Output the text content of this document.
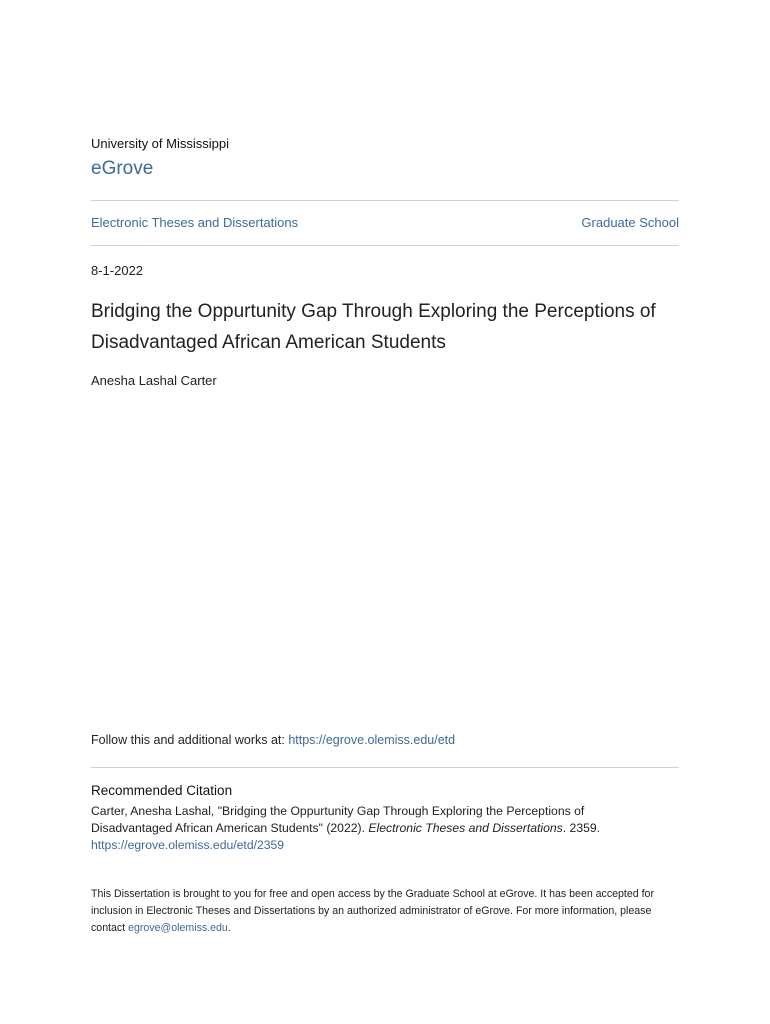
University of Mississippi
eGrove
Electronic Theses and Dissertations	Graduate School
8-1-2022
Bridging the Oppurtunity Gap Through Exploring the Perceptions of Disadvantaged African American Students
Anesha Lashal Carter
Follow this and additional works at: https://egrove.olemiss.edu/etd
Recommended Citation
Carter, Anesha Lashal, "Bridging the Oppurtunity Gap Through Exploring the Perceptions of Disadvantaged African American Students" (2022). Electronic Theses and Dissertations. 2359.
https://egrove.olemiss.edu/etd/2359
This Dissertation is brought to you for free and open access by the Graduate School at eGrove. It has been accepted for inclusion in Electronic Theses and Dissertations by an authorized administrator of eGrove. For more information, please contact egrove@olemiss.edu.
